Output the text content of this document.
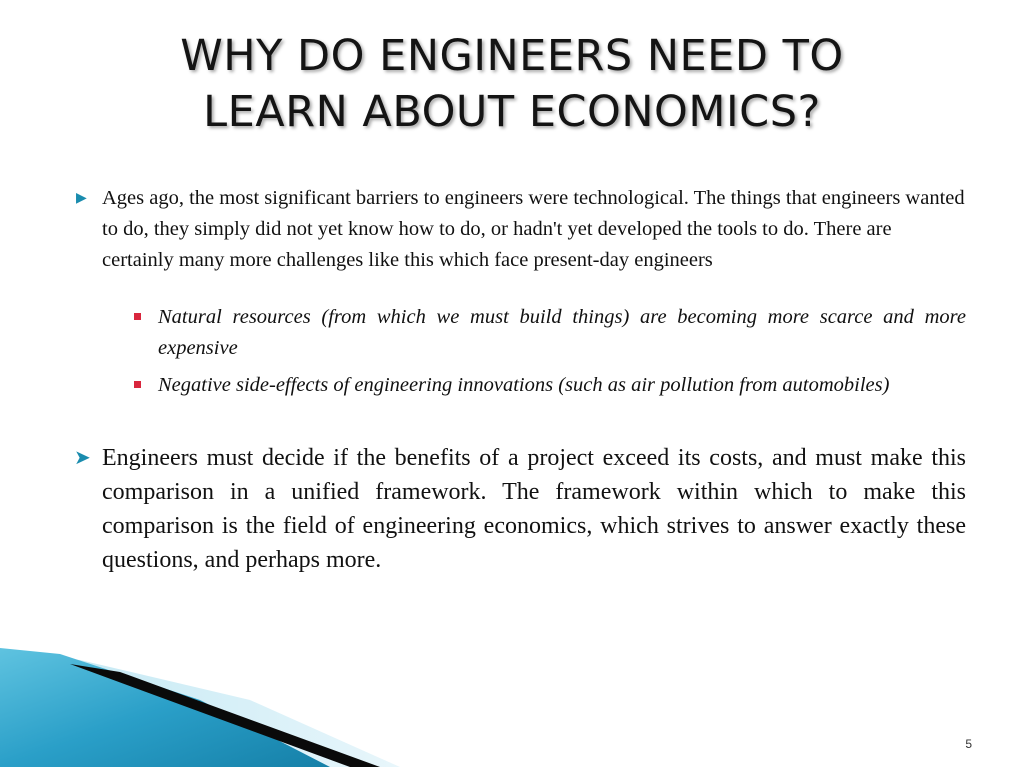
WHY DO ENGINEERS NEED TO
LEARN ABOUT ECONOMICS?
▶ Ages ago, the most significant barriers to engineers were technological. The things that engineers wanted to do, they simply did not yet know how to do, or hadn't yet developed the tools to do. There are certainly many more challenges like this which face present-day engineers
Natural resources (from which we must build things) are becoming more scarce and more expensive
Negative side-effects of engineering innovations (such as air pollution from automobiles)
➤ Engineers must decide if the benefits of a project exceed its costs, and must make this comparison in a unified framework. The framework within which to make this comparison is the field of engineering economics, which strives to answer exactly these questions, and perhaps more.
5
